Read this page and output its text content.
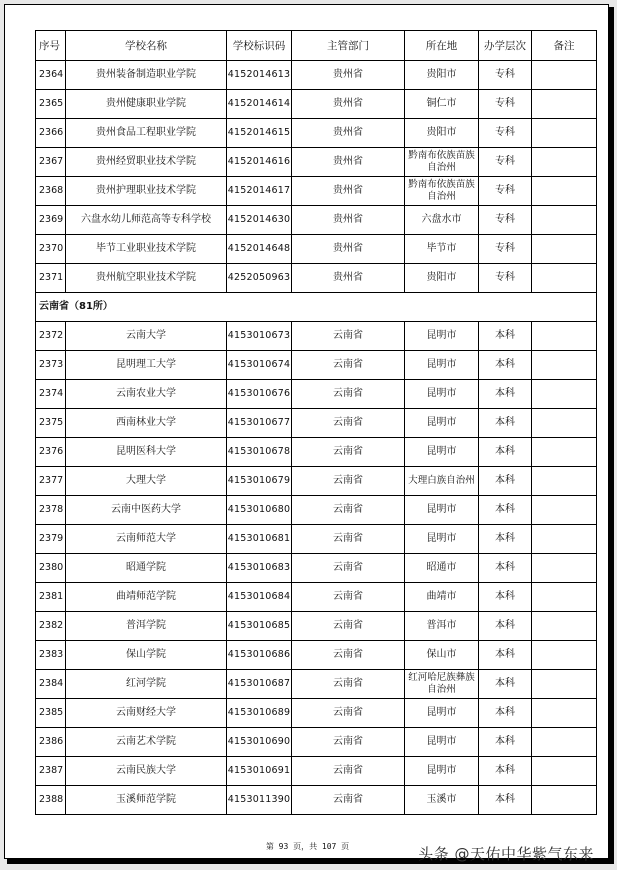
序号	学校名称	学校标识码	主管部门	所在地	办学层次	备注
2364	贵州装备制造职业学院	4152014613	贵州省	贵阳市	专科	
2365	贵州健康职业学院	4152014614	贵州省	铜仁市	专科	
2366	贵州食品工程职业学院	4152014615	贵州省	贵阳市	专科	
2367	贵州经贸职业技术学院	4152014616	贵州省	黔南布依族苗族自治州	专科	
2368	贵州护理职业技术学院	4152014617	贵州省	黔南布依族苗族自治州	专科	
2369	六盘水幼儿师范高等专科学校	4152014630	贵州省	六盘水市	专科	
2370	毕节工业职业技术学院	4152014648	贵州省	毕节市	专科	
2371	贵州航空职业技术学院	4252050963	贵州省	贵阳市	专科	
云南省（81所）						
2372	云南大学	4153010673	云南省	昆明市	本科	
2373	昆明理工大学	4153010674	云南省	昆明市	本科	
2374	云南农业大学	4153010676	云南省	昆明市	本科	
2375	西南林业大学	4153010677	云南省	昆明市	本科	
2376	昆明医科大学	4153010678	云南省	昆明市	本科	
2377	大理大学	4153010679	云南省	大理白族自治州	本科	
2378	云南中医药大学	4153010680	云南省	昆明市	本科	
2379	云南师范大学	4153010681	云南省	昆明市	本科	
2380	昭通学院	4153010683	云南省	昭通市	本科	
2381	曲靖师范学院	4153010684	云南省	曲靖市	本科	
2382	普洱学院	4153010685	云南省	普洱市	本科	
2383	保山学院	4153010686	云南省	保山市	本科	
2384	红河学院	4153010687	云南省	红河哈尼族彝族自治州	本科	
2385	云南财经大学	4153010689	云南省	昆明市	本科	
2386	云南艺术学院	4153010690	云南省	昆明市	本科	
2387	云南民族大学	4153010691	云南省	昆明市	本科	
2388	玉溪师范学院	4153011390	云南省	玉溪市	本科	
第 93 页，共 107 页	头条 @天佑中华紫气东来
